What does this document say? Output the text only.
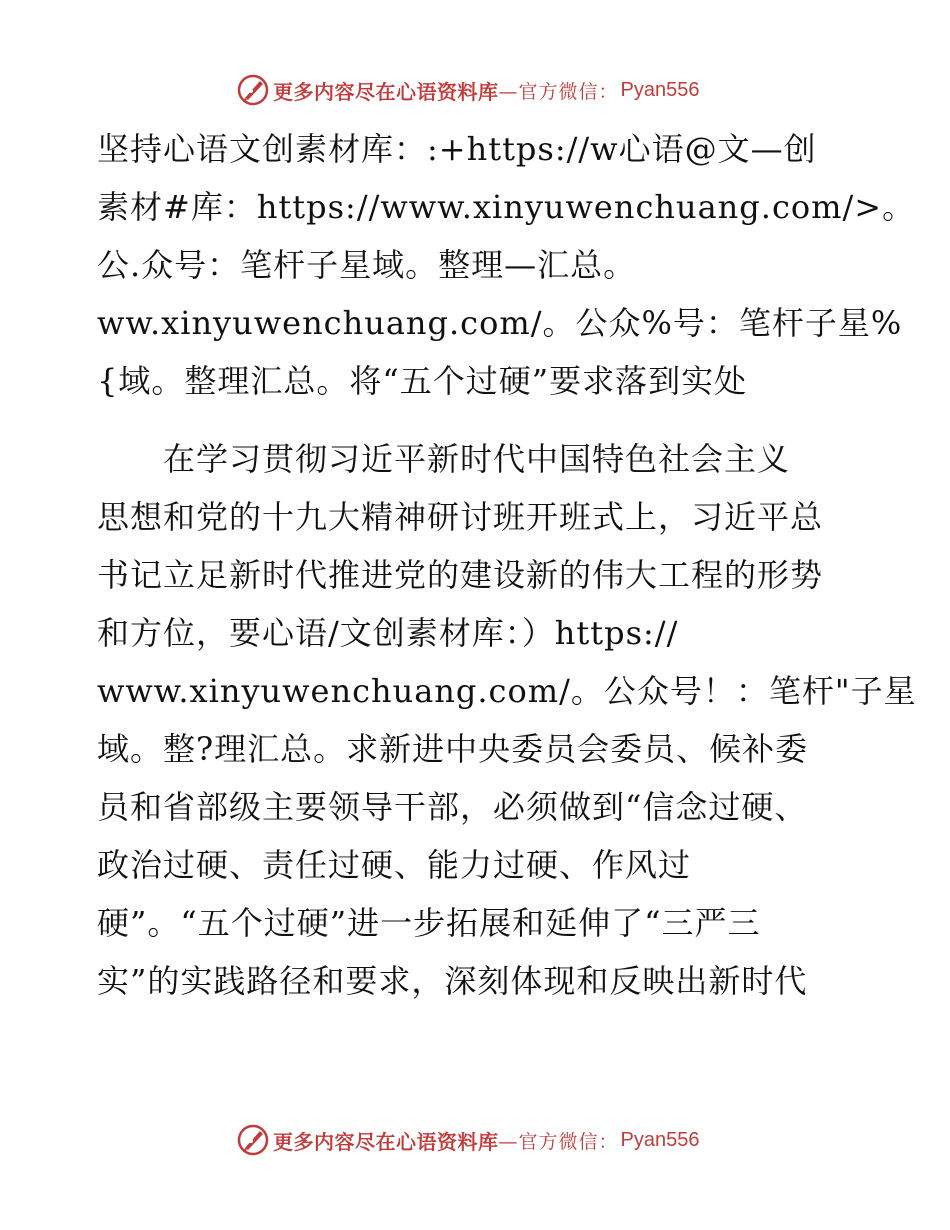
更多内容尽在心语资料库 —官方微信： Pyan556
坚持心语文创素材库：:+https://w心语@文—创
素材#库：https://www.xinyuwenchuang.com/>。
公.众号：笔杆子星域。整理—汇总。
ww.xinyuwenchuang.com/。公众%号：笔杆子星%
{域。整理汇总。将“五个过硬”要求落到实处
　　在学习贯彻习近平新时代中国特色社会主义
思想和党的十九大精神研讨班开班式上，习近平总
书记立足新时代推进党的建设新的伟大工程的形势
和方位，要心语/文创素材库：）https://
www.xinyuwenchuang.com/。公众号！：笔杆"子星
域。整?理汇总。求新进中央委员会委员、候补委
员和省部级主要领导干部，必须做到“信念过硬、
政治过硬、责任过硬、能力过硬、作风过
硬”。“五个过硬”进一步拓展和延伸了“三严三
实”的实践路径和要求，深刻体现和反映出新时代
更多内容尽在心语资料库 —官方微信： Pyan556
